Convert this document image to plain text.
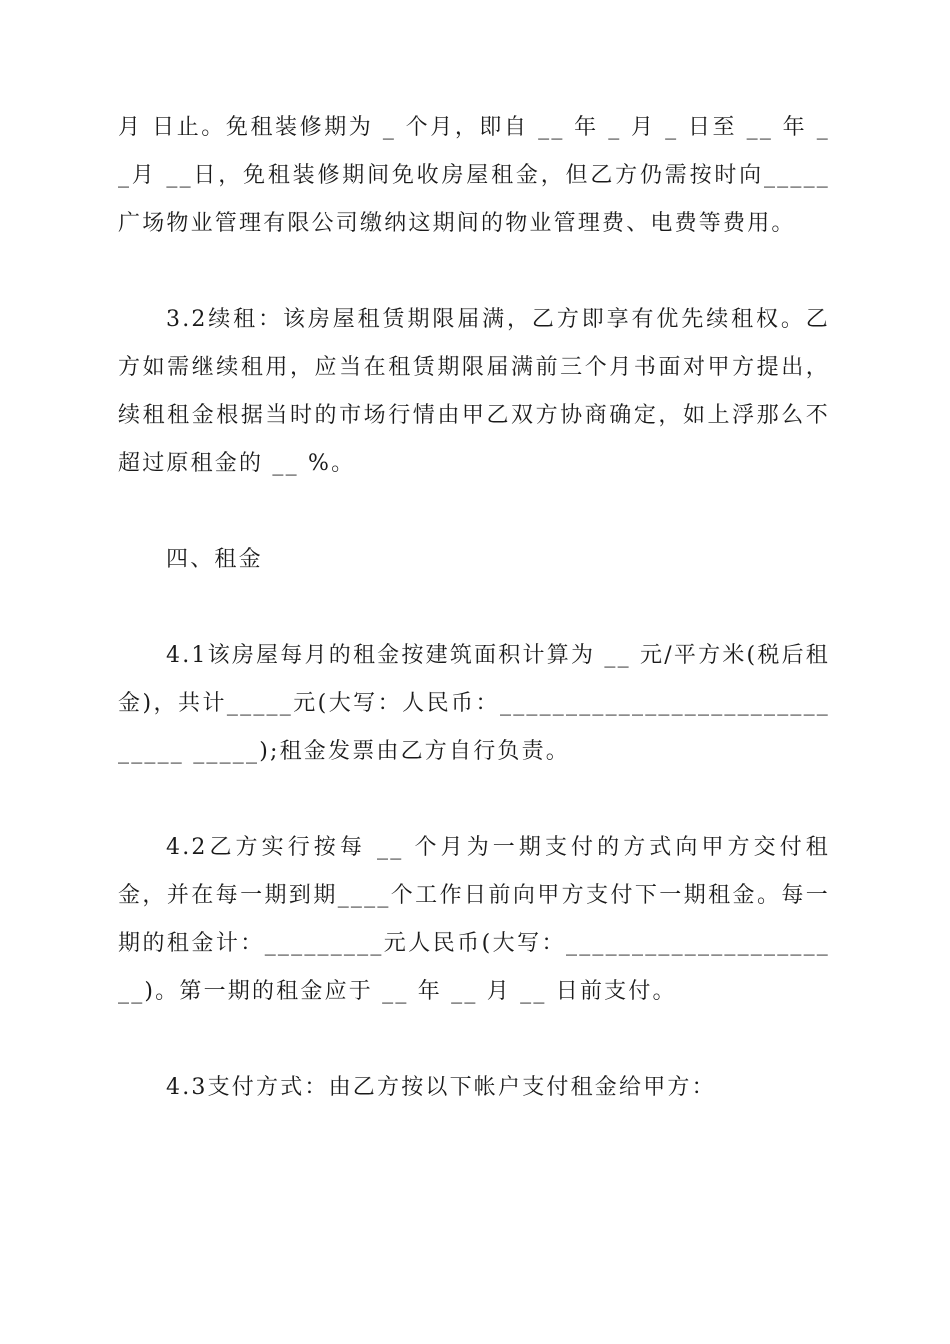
月 日止。免租装修期为 _ 个月，即自 __ 年 _ 月 _ 日至 __ 年 __月 __日，免租装修期间免收房屋租金，但乙方仍需按时向_____广场物业管理有限公司缴纳这期间的物业管理费、电费等费用。

3.2续租：该房屋租赁期限届满，乙方即享有优先续租权。乙方如需继续租用，应当在租赁期限届满前三个月书面对甲方提出，续租租金根据当时的市场行情由甲乙双方协商确定，如上浮那么不超过原租金的 __ %。

四、租金

4.1该房屋每月的租金按建筑面积计算为 __ 元/平方米(税后租金)，共计_____元(大写：人民币：______________________________ _____);租金发票由乙方自行负责。

4.2乙方实行按每 __ 个月为一期支付的方式向甲方交付租金，并在每一期到期____个工作日前向甲方支付下一期租金。每一期的租金计：_________元人民币(大写：______________________)。第一期的租金应于 __ 年 __ 月 __ 日前支付。

4.3支付方式：由乙方按以下帐户支付租金给甲方：
